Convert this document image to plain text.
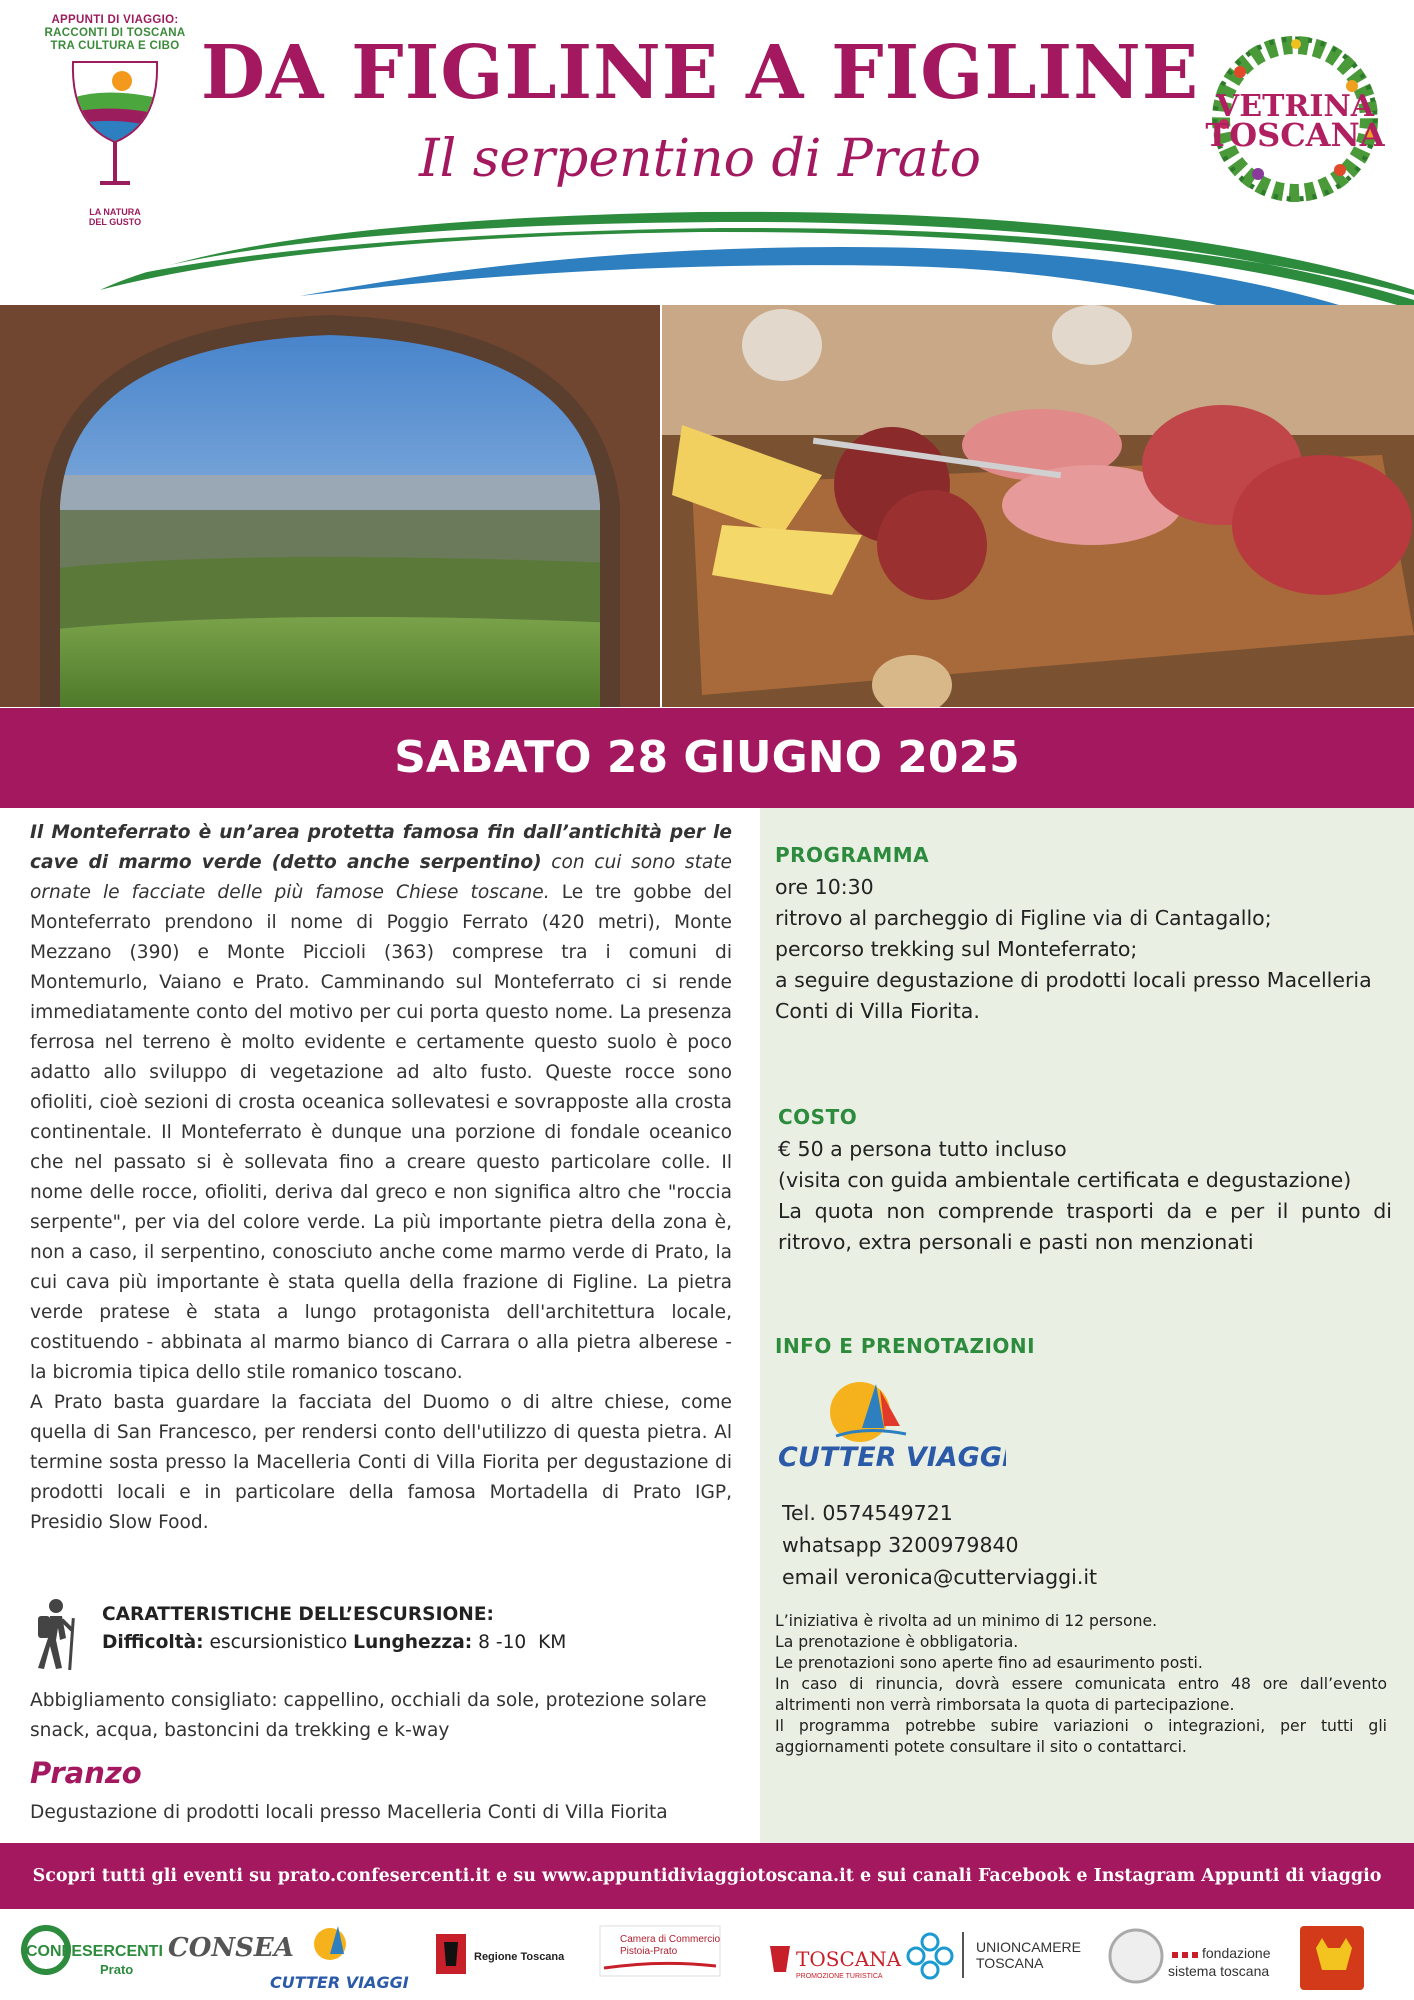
APPUNTI DI VIAGGIO:
RACCONTI DI TOSCANA
TRA CULTURA E CIBO
LA NATURA
DEL GUSTO
DA FIGLINE A FIGLINE
Il serpentino di Prato
VETRINA
TOSCANA
SABATO 28 GIUGNO 2025

Il Monteferrato è un’area protetta famosa fin dall’antichità per le cave di marmo verde (detto anche serpentino) con cui sono state ornate le facciate delle più famose Chiese toscane. Le tre gobbe del Monteferrato prendono il nome di Poggio Ferrato (420 metri), Monte Mezzano (390) e Monte Piccioli (363) comprese tra i comuni di Montemurlo, Vaiano e Prato. Camminando sul Monteferrato ci si rende immediatamente conto del motivo per cui porta questo nome. La presenza ferrosa nel terreno è molto evidente e certamente questo suolo è poco adatto allo sviluppo di vegetazione ad alto fusto. Queste rocce sono ofioliti, cioè sezioni di crosta oceanica sollevatesi e sovrapposte alla crosta continentale. Il Monteferrato è dunque una porzione di fondale oceanico che nel passato si è sollevata fino a creare questo particolare colle. Il nome delle rocce, ofioliti, deriva dal greco e non significa altro che "roccia serpente", per via del colore verde. La più importante pietra della zona è, non a caso, il serpentino, conosciuto anche come marmo verde di Prato, la cui cava più importante è stata quella della frazione di Figline. La pietra verde pratese è stata a lungo protagonista dell'architettura locale, costituendo - abbinata al marmo bianco di Carrara o alla pietra alberese - la bicromia tipica dello stile romanico toscano.

A Prato basta guardare la facciata del Duomo o di altre chiese, come quella di San Francesco, per rendersi conto dell'utilizzo di questa pietra. Al termine sosta presso la Macelleria Conti di Villa Fiorita per degustazione di prodotti locali e in particolare della famosa Mortadella di Prato IGP, Presidio Slow Food.

CARATTERISTICHE DELL’ESCURSIONE:
Difficoltà: escursionistico Lunghezza: 8 -10  KM
Abbigliamento consigliato: cappellino, occhiali da sole, protezione solare snack, acqua, bastoncini da trekking e k-way
Pranzo
Degustazione di prodotti locali presso Macelleria Conti di Villa Fiorita
PROGRAMMA
ore 10:30
ritrovo al parcheggio di Figline via di Cantagallo;
percorso trekking sul Monteferrato;
a seguire degustazione di prodotti locali presso Macelleria Conti di Villa Fiorita.
COSTO
€ 50 a persona tutto incluso
(visita con guida ambientale certificata e degustazione)
La quota non comprende trasporti da e per il punto di ritrovo, extra personali e pasti non menzionati
INFO E PRENOTAZIONI
CUTTER VIAGGI
Tel. 0574549721
whatsapp 3200979840
email veronica@cutterviaggi.it
L’iniziativa è rivolta ad un minimo di 12 persone.
La prenotazione è obbligatoria.
Le prenotazioni sono aperte fino ad esaurimento posti.
In caso di rinuncia, dovrà essere comunicata entro 48 ore dall’evento altrimenti non verrà rimborsata la quota di partecipazione.
Il programma potrebbe subire variazioni o integrazioni, per tutti gli aggiornamenti potete consultare il sito o contattarci.
Scopri tutti gli eventi su prato.confesercenti.it e su www.appuntidiviaggiotoscana.it e sui canali Facebook e Instagram Appunti di viaggio
CONFESERCENTI
Prato
CONSEA
CUTTER VIAGGI
Regione Toscana
Camera di Commercio
Pistoia-Prato	TOSCANA
PROMOZIONE TURISTICA
UNIONCAMERE
TOSCANA
fondazione
sistema toscana
